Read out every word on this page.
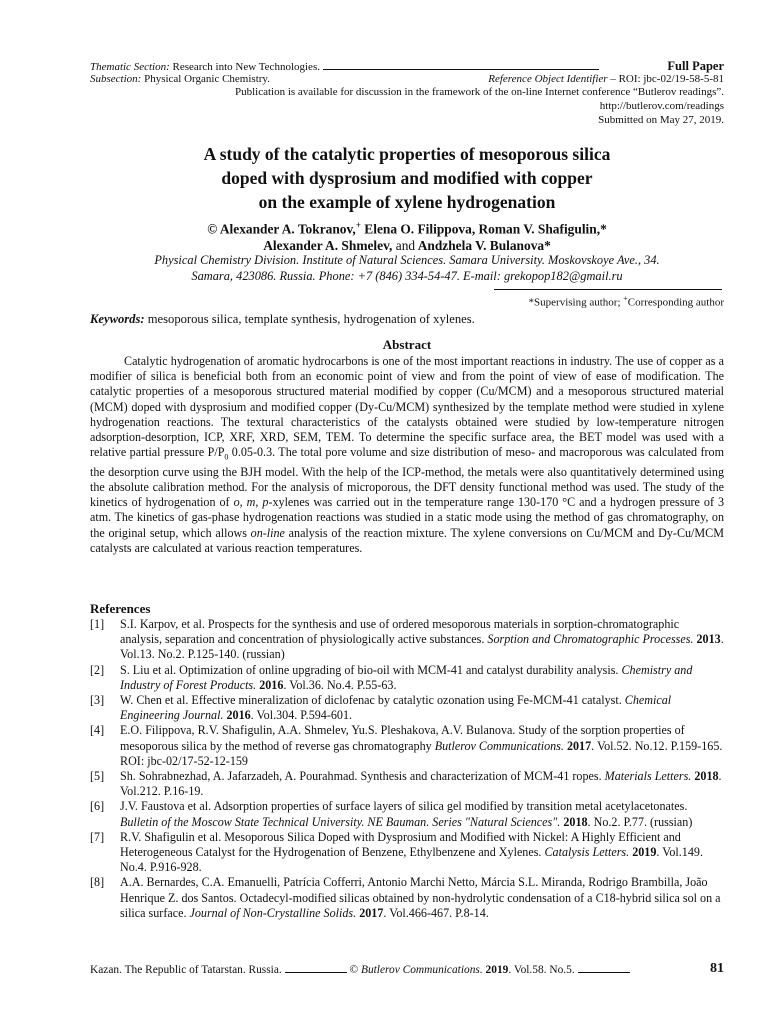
Thematic Section: Research into New Technologies.	Full Paper
Subsection: Physical Organic Chemistry.	Reference Object Identifier – ROI: jbc-02/19-58-5-81
Publication is available for discussion in the framework of the on-line Internet conference “Butlerov readings”.
http://butlerov.com/readings
Submitted on May 27, 2019.
A study of the catalytic properties of mesoporous silica
doped with dysprosium and modified with copper
on the example of xylene hydrogenation
© Alexander A. Tokranov,+ Elena O. Filippova, Roman V. Shafigulin,*
Alexander A. Shmelev, and Andzhela V. Bulanova*
Physical Chemistry Division. Institute of Natural Sciences. Samara University. Moskovskoye Ave., 34.
Samara, 423086. Russia. Phone: +7 (846) 334-54-47. E-mail: grekopop182@gmail.ru
*Supervising author; +Corresponding author
Keywords: mesoporous silica, template synthesis, hydrogenation of xylenes.
Abstract

Catalytic hydrogenation of aromatic hydrocarbons is one of the most important reactions in industry. The use of copper as a modifier of silica is beneficial both from an economic point of view and from the point of view of ease of modification. The catalytic properties of a mesoporous structured material modified by copper (Cu/MCM) and a mesoporous structured material (MCM) doped with dysprosium and modified copper (Dy-Cu/MCM) synthesized by the template method were studied in xylene hydrogenation reactions. The textural characteristics of the catalysts obtained were studied by low-temperature nitrogen adsorption-desorption, ICP, XRF, XRD, SEM, TEM. To determine the specific surface area, the BET model was used with a relative partial pressure $P/P_0$ 0.05-0.3. The total pore volume and size distribution of meso- and macroporous was calculated from the desorption curve using the BJH model. With the help of the ICP-method, the metals were also quantitatively determined using the absolute calibration method. For the analysis of microporous, the DFT density functional method was used. The study of the kinetics of hydrogenation of o, m, p-xylenes was carried out in the temperature range 130-170 °C and a hydrogen pressure of 3 atm. The kinetics of gas-phase hydrogenation reactions was studied in a static mode using the method of gas chromatography, on the original setup, which allows on-line analysis of the reaction mixture. The xylene conversions on Cu/MCM and Dy-Cu/MCM catalysts are calculated at various reaction temperatures.

References
[1] S.I. Karpov, et al. Prospects for the synthesis and use of ordered mesoporous materials in sorption-chromatographic analysis, separation and concentration of physiologically active substances. Sorption and Chromatographic Processes. 2013. Vol.13. No.2. P.125-140. (russian)
[2] S. Liu et al. Optimization of online upgrading of bio-oil with MCM-41 and catalyst durability analysis. Chemistry and Industry of Forest Products. 2016. Vol.36. No.4. P.55-63.
[3] W. Chen et al. Effective mineralization of diclofenac by catalytic ozonation using Fe-MCM-41 catalyst. Chemical Engineering Journal. 2016. Vol.304. P.594-601.
[4] E.O. Filippova, R.V. Shafigulin, A.A. Shmelev, Yu.S. Pleshakova, A.V. Bulanova. Study of the sorption properties of mesoporous silica by the method of reverse gas chromatography Butlerov Communications. 2017. Vol.52. No.12. P.159-165. ROI: jbc-02/17-52-12-159
[5] Sh. Sohrabnezhad, A. Jafarzadeh, A. Pourahmad. Synthesis and characterization of MCM-41 ropes. Materials Letters. 2018. Vol.212. P.16-19.
[6] J.V. Faustova et al. Adsorption properties of surface layers of silica gel modified by transition metal acetylacetonates. Bulletin of the Moscow State Technical University. NE Bauman. Series "Natural Sciences". 2018. No.2. P.77. (russian)
[7] R.V. Shafigulin et al. Mesoporous Silica Doped with Dysprosium and Modified with Nickel: A Highly Efficient and Heterogeneous Catalyst for the Hydrogenation of Benzene, Ethylbenzene and Xylenes. Catalysis Letters. 2019. Vol.149. No.4. P.916-928.
[8] A.A. Bernardes, C.A. Emanuelli, Patrícia Cofferri, Antonio Marchi Netto, Márcia S.L. Miranda, Rodrigo Brambilla, João Henrique Z. dos Santos. Octadecyl-modified silicas obtained by non-hydrolytic condensation of a C18-hybrid silica sol on a silica surface. Journal of Non-Crystalline Solids. 2017. Vol.466-467. P.8-14.
Kazan. The Republic of Tatarstan. Russia.	© Butlerov Communications. 2019. Vol.58. No.5.	81
